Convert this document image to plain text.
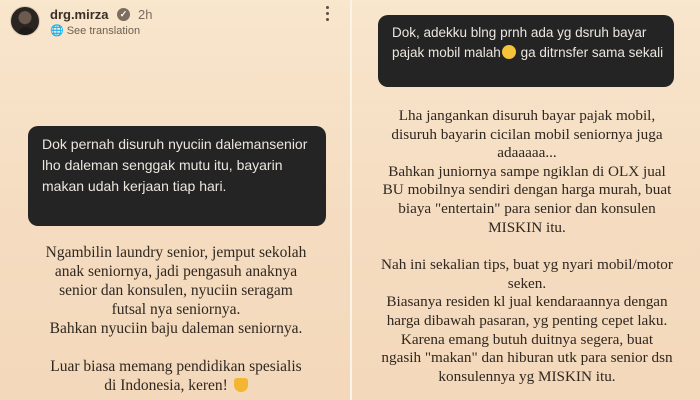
drg.mirza	✓ 2h
🌐 See translation
Dok pernah disuruh nyuciin dalemansenior lho daleman senggak mutu itu, bayarin makan udah kerjaan tiap hari.
Ngambilin laundry senior, jemput sekolah
anak seniornya, jadi pengasuh anaknya
senior dan konsulen, nyuciin seragam
futsal nya seniornya.
Bahkan nyuciin baju daleman seniornya.
Luar biasa memang pendidikan spesialis
di Indonesia, keren!
Dok, adekku blng prnh ada yg dsruh bayar pajak mobil malah ga ditrnsfer sama sekali
Lha jangankan disuruh bayar pajak mobil,
disuruh bayarin cicilan mobil seniornya juga
adaaaaa...
Bahkan juniornya sampe ngiklan di OLX jual
BU mobilnya sendiri dengan harga murah, buat
biaya "entertain" para senior dan konsulen
MISKIN itu.
Nah ini sekalian tips, buat yg nyari mobil/motor
seken.
Biasanya residen kl jual kendaraannya dengan
harga dibawah pasaran, yg penting cepet laku.
Karena emang butuh duitnya segera, buat
ngasih "makan" dan hiburan utk para senior dsn
konsulennya yg MISKIN itu.
